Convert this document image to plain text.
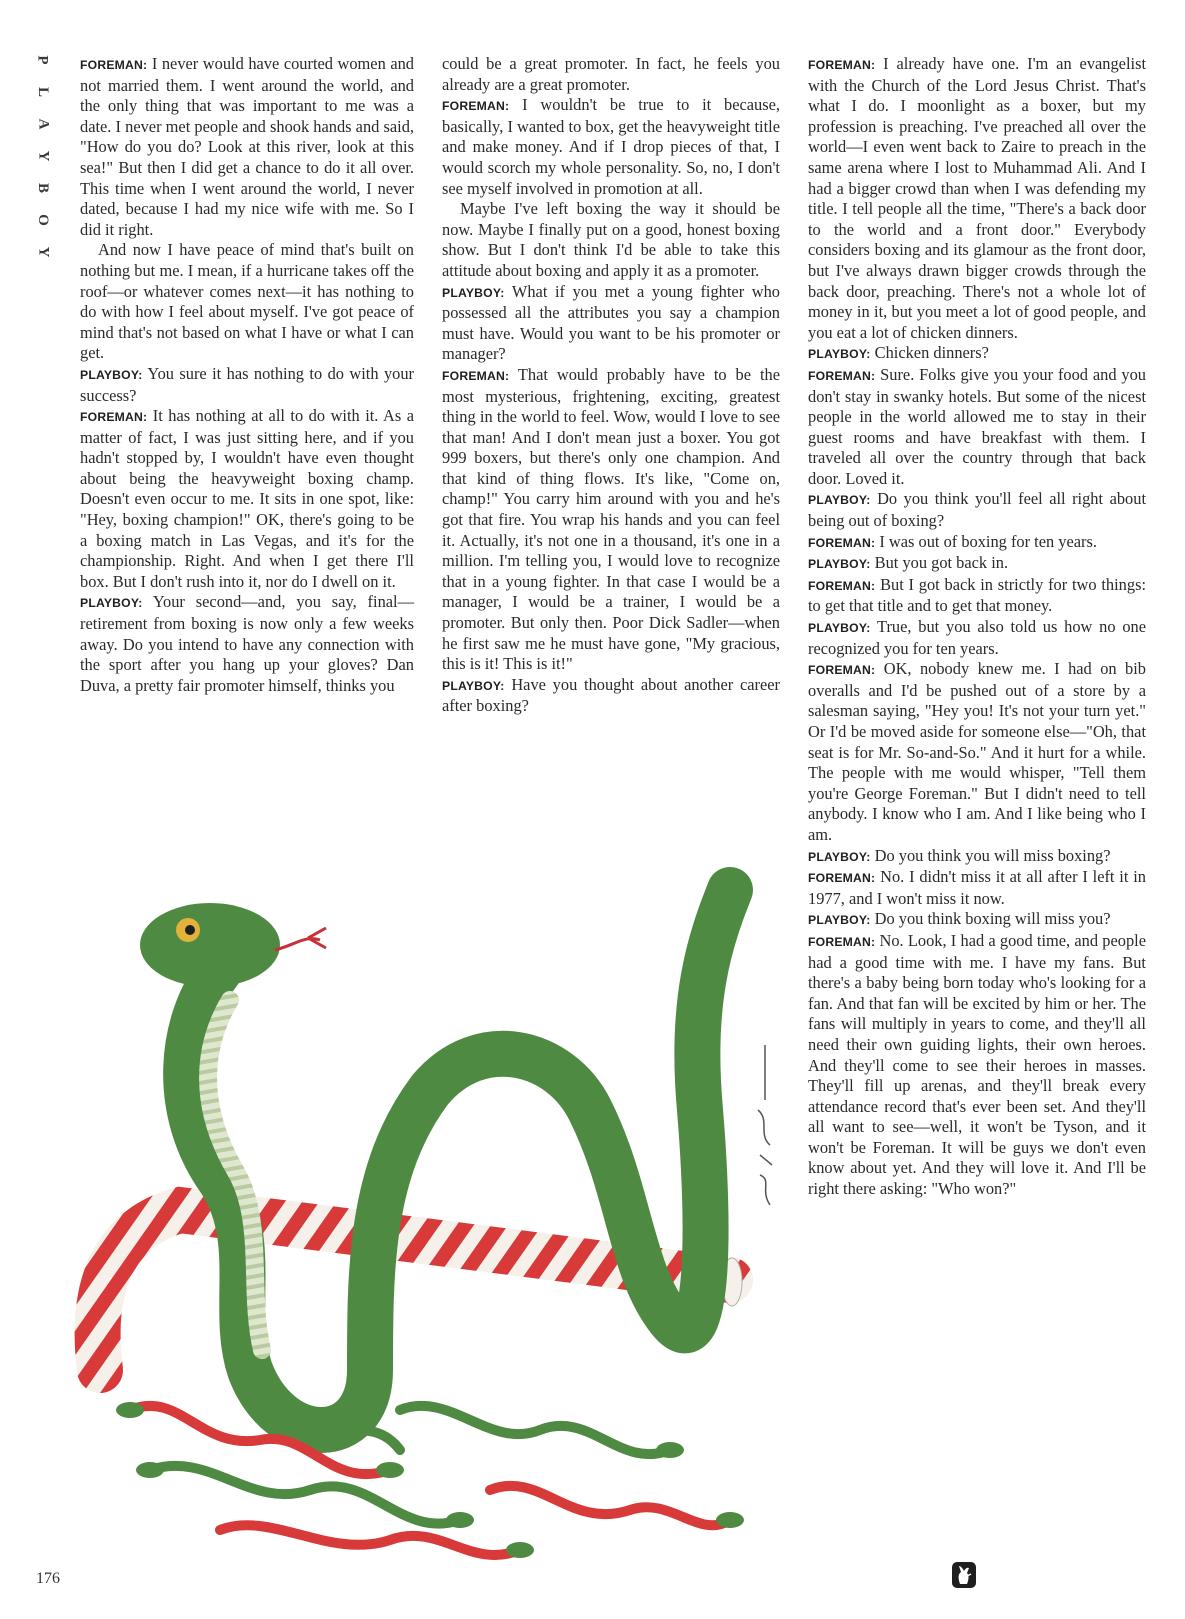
P
L
A
Y
B
O
Y

FOREMAN: I never would have courted women and not married them. I went around the world, and the only thing that was important to me was a date. I never met people and shook hands and said, "How do you do? Look at this river, look at this sea!" But then I did get a chance to do it all over. This time when I went around the world, I never dated, because I had my nice wife with me. So I did it right.

And now I have peace of mind that's built on nothing but me. I mean, if a hurricane takes off the roof—or whatever comes next—it has nothing to do with how I feel about myself. I've got peace of mind that's not based on what I have or what I can get.

PLAYBOY: You sure it has nothing to do with your success?

FOREMAN: It has nothing at all to do with it. As a matter of fact, I was just sitting here, and if you hadn't stopped by, I wouldn't have even thought about being the heavyweight boxing champ. Doesn't even occur to me. It sits in one spot, like: "Hey, boxing champion!" OK, there's going to be a boxing match in Las Vegas, and it's for the championship. Right. And when I get there I'll box. But I don't rush into it, nor do I dwell on it.

PLAYBOY: Your second—and, you say, final—retirement from boxing is now only a few weeks away. Do you intend to have any connection with the sport after you hang up your gloves? Dan Duva, a pretty fair promoter himself, thinks you

could be a great promoter. In fact, he feels you already are a great promoter.

FOREMAN: I wouldn't be true to it because, basically, I wanted to box, get the heavyweight title and make money. And if I drop pieces of that, I would scorch my whole personality. So, no, I don't see myself involved in promotion at all.

Maybe I've left boxing the way it should be now. Maybe I finally put on a good, honest boxing show. But I don't think I'd be able to take this attitude about boxing and apply it as a promoter.

PLAYBOY: What if you met a young fighter who possessed all the attributes you say a champion must have. Would you want to be his promoter or manager?

FOREMAN: That would probably have to be the most mysterious, frightening, exciting, greatest thing in the world to feel. Wow, would I love to see that man! And I don't mean just a boxer. You got 999 boxers, but there's only one champion. And that kind of thing flows. It's like, "Come on, champ!" You carry him around with you and he's got that fire. You wrap his hands and you can feel it. Actually, it's not one in a thousand, it's one in a million. I'm telling you, I would love to recognize that in a young fighter. In that case I would be a manager, I would be a trainer, I would be a promoter. But only then. Poor Dick Sadler—when he first saw me he must have gone, "My gracious, this is it! This is it!"

PLAYBOY: Have you thought about another career after boxing?

FOREMAN: I already have one. I'm an evangelist with the Church of the Lord Jesus Christ. That's what I do. I moonlight as a boxer, but my profession is preaching. I've preached all over the world—I even went back to Zaire to preach in the same arena where I lost to Muhammad Ali. And I had a bigger crowd than when I was defending my title. I tell people all the time, "There's a back door to the world and a front door." Everybody considers boxing and its glamour as the front door, but I've always drawn bigger crowds through the back door, preaching. There's not a whole lot of money in it, but you meet a lot of good people, and you eat a lot of chicken dinners.

PLAYBOY: Chicken dinners?

FOREMAN: Sure. Folks give you your food and you don't stay in swanky hotels. But some of the nicest people in the world allowed me to stay in their guest rooms and have breakfast with them. I traveled all over the country through that back door. Loved it.

PLAYBOY: Do you think you'll feel all right about being out of boxing?

FOREMAN: I was out of boxing for ten years.

PLAYBOY: But you got back in.

FOREMAN: But I got back in strictly for two things: to get that title and to get that money.

PLAYBOY: True, but you also told us how no one recognized you for ten years.

FOREMAN: OK, nobody knew me. I had on bib overalls and I'd be pushed out of a store by a salesman saying, "Hey you! It's not your turn yet." Or I'd be moved aside for someone else—"Oh, that seat is for Mr. So-and-So." And it hurt for a while. The people with me would whisper, "Tell them you're George Foreman." But I didn't need to tell anybody. I know who I am. And I like being who I am.

PLAYBOY: Do you think you will miss boxing?

FOREMAN: No. I didn't miss it at all after I left it in 1977, and I won't miss it now.

PLAYBOY: Do you think boxing will miss you?

FOREMAN: No. Look, I had a good time, and people had a good time with me. I have my fans. But there's a baby being born today who's looking for a fan. And that fan will be excited by him or her. The fans will multiply in years to come, and they'll all need their own guiding lights, their own heroes. And they'll come to see their heroes in masses. They'll fill up arenas, and they'll break every attendance record that's ever been set. And they'll all want to see—well, it won't be Tyson, and it won't be Foreman. It will be guys we don't even know about yet. And they will love it. And I'll be right there asking: "Who won?"

176
